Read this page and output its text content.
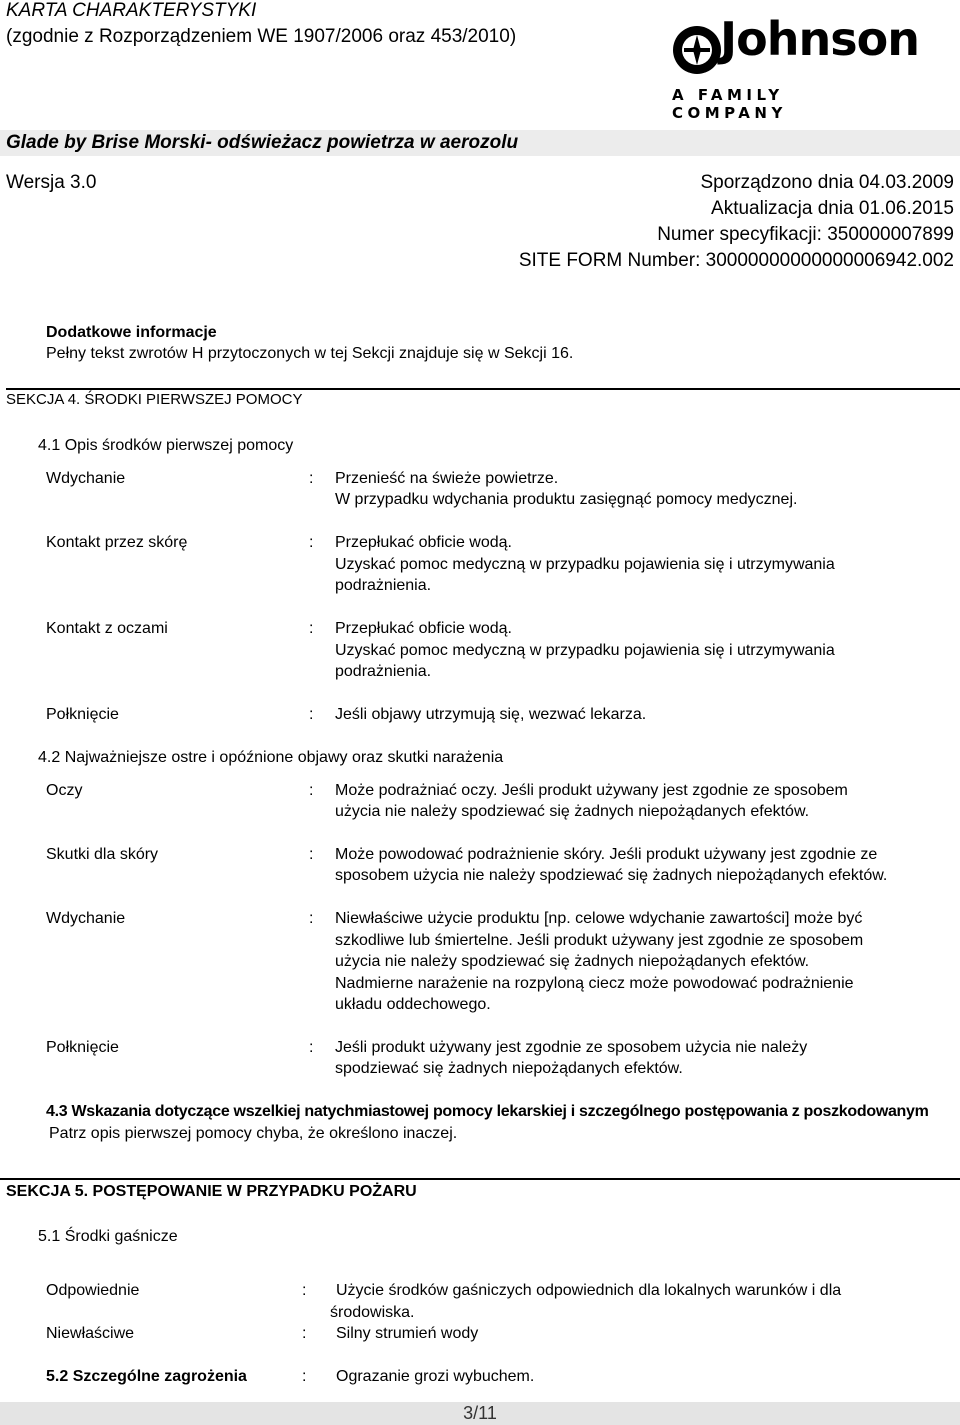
KARTA CHARAKTERYSTYKI
(zgodnie z Rozporządzeniem WE 1907/2006 oraz 453/2010)	Johnson
A FAMILY COMPANY
Glade by Brise Morski- odświeżacz powietrza w aerozolu
Wersja 3.0	Sporządzono dnia 04.03.2009
Aktualizacja dnia 01.06.2015
Numer specyfikacji: 350000007899
SITE FORM Number: 30000000000000006942.002
Dodatkowe informacje
Pełny tekst zwrotów H przytoczonych w tej Sekcji znajduje się w Sekcji 16.
SEKCJA 4. ŚRODKI PIERWSZEJ POMOCY
4.1 Opis środków pierwszej pomocy
Wdychanie	: Przenieść na świeże powietrze.
W przypadku wdychania produktu zasięgnąć pomocy medycznej.
Kontakt przez skórę	: Przepłukać obficie wodą.
Uzyskać pomoc medyczną w przypadku pojawienia się i utrzymywania
podrażnienia.
Kontakt z oczami	: Przepłukać obficie wodą.
Uzyskać pomoc medyczną w przypadku pojawienia się i utrzymywania
podrażnienia.
Połknięcie	: Jeśli objawy utrzymują się, wezwać lekarza.
4.2 Najważniejsze ostre i opóźnione objawy oraz skutki narażenia
Oczy	: Może podrażniać oczy. Jeśli produkt używany jest zgodnie ze sposobem
użycia nie należy spodziewać się żadnych niepożądanych efektów.
Skutki dla skóry	: Może powodować podrażnienie skóry. Jeśli produkt używany jest zgodnie ze
sposobem użycia nie należy spodziewać się żadnych niepożądanych efektów.
Wdychanie	: Niewłaściwe użycie produktu [np. celowe wdychanie zawartości] może być
szkodliwe lub śmiertelne. Jeśli produkt używany jest zgodnie ze sposobem
użycia nie należy spodziewać się żadnych niepożądanych efektów.
Nadmierne narażenie na rozpyloną ciecz może powodować podrażnienie
układu oddechowego.
Połknięcie	: Jeśli produkt używany jest zgodnie ze sposobem użycia nie należy
spodziewać się żadnych niepożądanych efektów.
4.3 Wskazania dotyczące wszelkiej natychmiastowej pomocy lekarskiej i szczególnego postępowania z poszkodowanym
Patrz opis pierwszej pomocy chyba, że określono inaczej.
SEKCJA 5. POSTĘPOWANIE W PRZYPADKU POŻARU
5.1 Środki gaśnicze
Odpowiednie	: Użycie środków gaśniczych odpowiednich dla lokalnych warunków i dla
środowiska.
Niewłaściwe	: Silny strumień wody
5.2 Szczególne zagrożenia	: Ograzanie grozi wybuchem.
3/11
